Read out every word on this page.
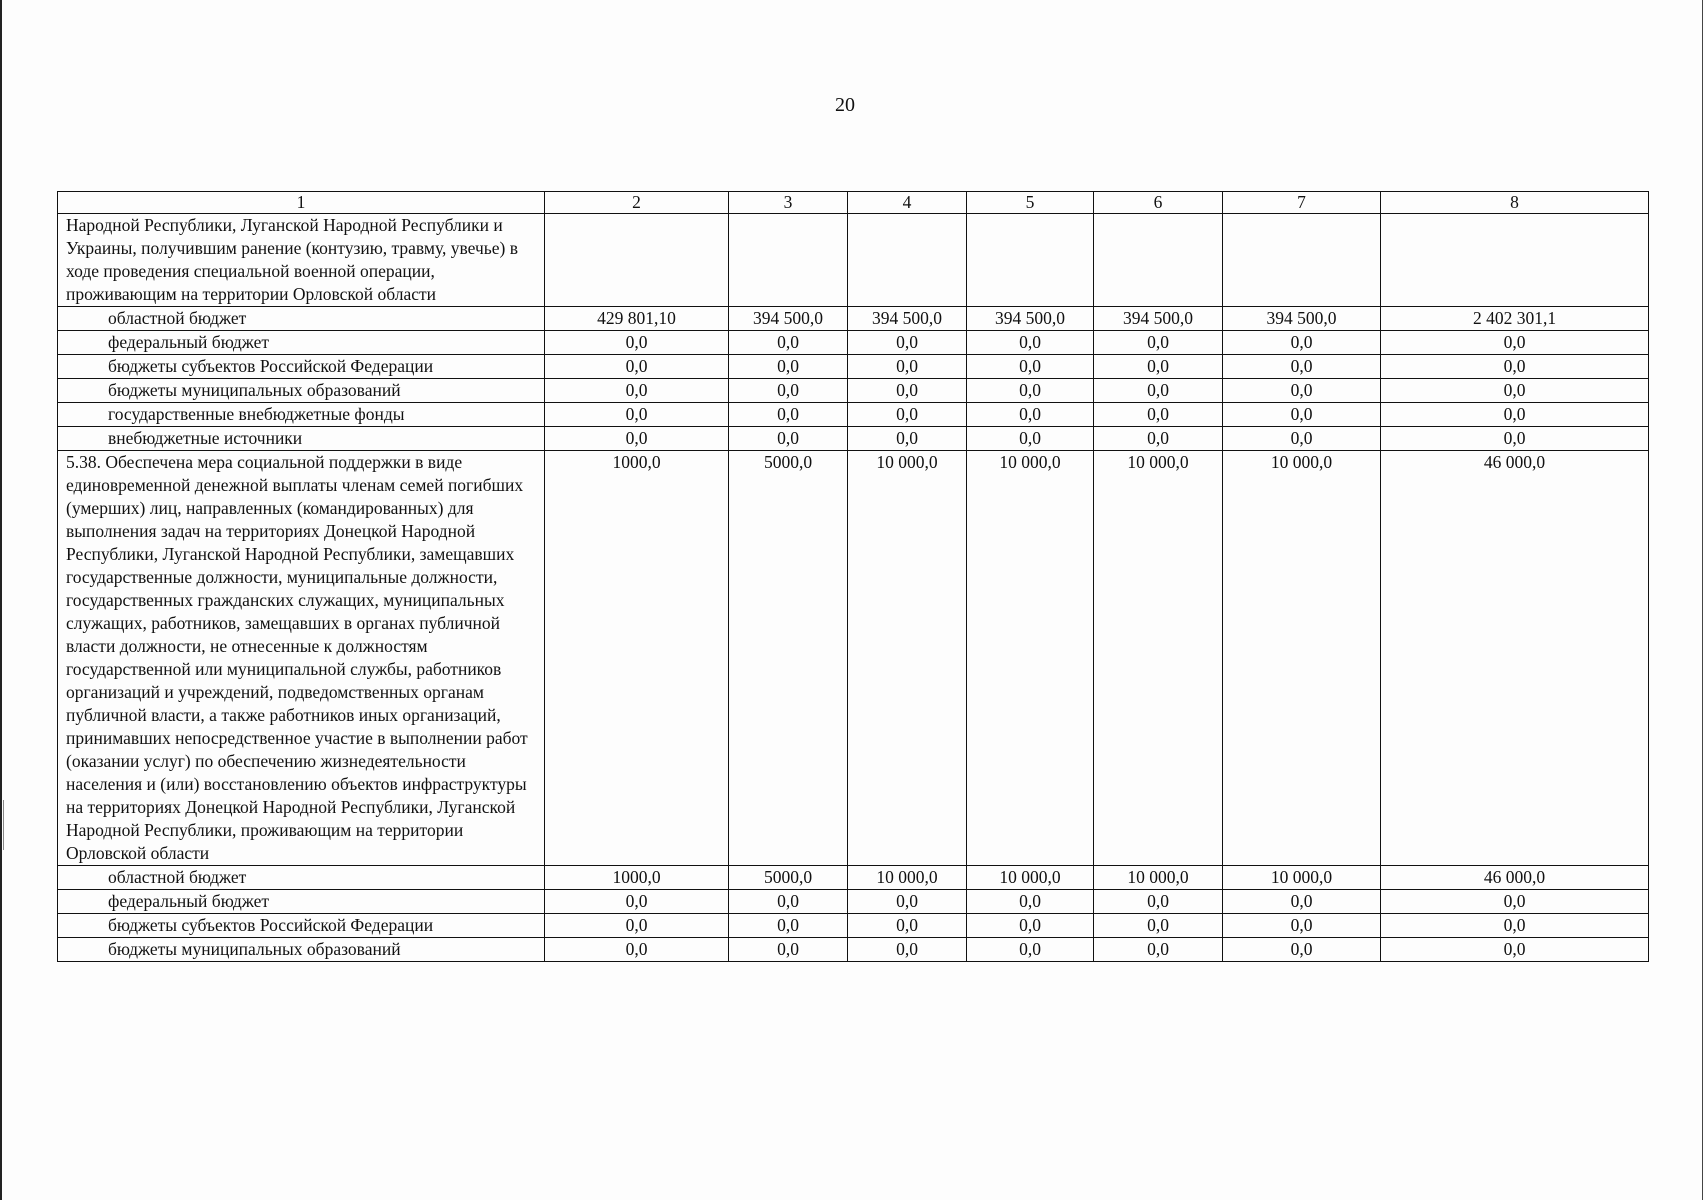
20
1	2	3	4	5	6	7	8
Народной Республики, Луганской Народной Республики и Украины, получившим ранение (контузию, травму, увечье) в ходе проведения специальной военной операции, проживающим на территории Орловской области							
областной бюджет	429 801,10	394 500,0	394 500,0	394 500,0	394 500,0	394 500,0	2 402 301,1
федеральный бюджет	0,0	0,0	0,0	0,0	0,0	0,0	0,0
бюджеты субъектов Российской Федерации	0,0	0,0	0,0	0,0	0,0	0,0	0,0
бюджеты муниципальных образований	0,0	0,0	0,0	0,0	0,0	0,0	0,0
государственные внебюджетные фонды	0,0	0,0	0,0	0,0	0,0	0,0	0,0
внебюджетные источники	0,0	0,0	0,0	0,0	0,0	0,0	0,0
5.38. Обеспечена мера социальной поддержки в виде единовременной денежной выплаты членам семей погибших (умерших) лиц, направленных (командированных) для выполнения задач на территориях Донецкой Народной Республики, Луганской Народной Республики, замещавших государственные должности, муниципальные должности, государственных гражданских служащих, муниципальных служащих, работников, замещавших в органах публичной власти должности, не отнесенные к должностям государственной или муниципальной службы, работников организаций и учреждений, подведомственных органам публичной власти, а также работников иных организаций, принимавших непосредственное участие в выполнении работ (оказании услуг) по обеспечению жизнедеятельности населения и (или) восстановлению объектов инфраструктуры на территориях Донецкой Народной Республики, Луганской Народной Республики, проживающим на территории Орловской области	1000,0	5000,0	10 000,0	10 000,0	10 000,0	10 000,0	46 000,0
областной бюджет	1000,0	5000,0	10 000,0	10 000,0	10 000,0	10 000,0	46 000,0
федеральный бюджет	0,0	0,0	0,0	0,0	0,0	0,0	0,0
бюджеты субъектов Российской Федерации	0,0	0,0	0,0	0,0	0,0	0,0	0,0
бюджеты муниципальных образований	0,0	0,0	0,0	0,0	0,0	0,0	0,0
